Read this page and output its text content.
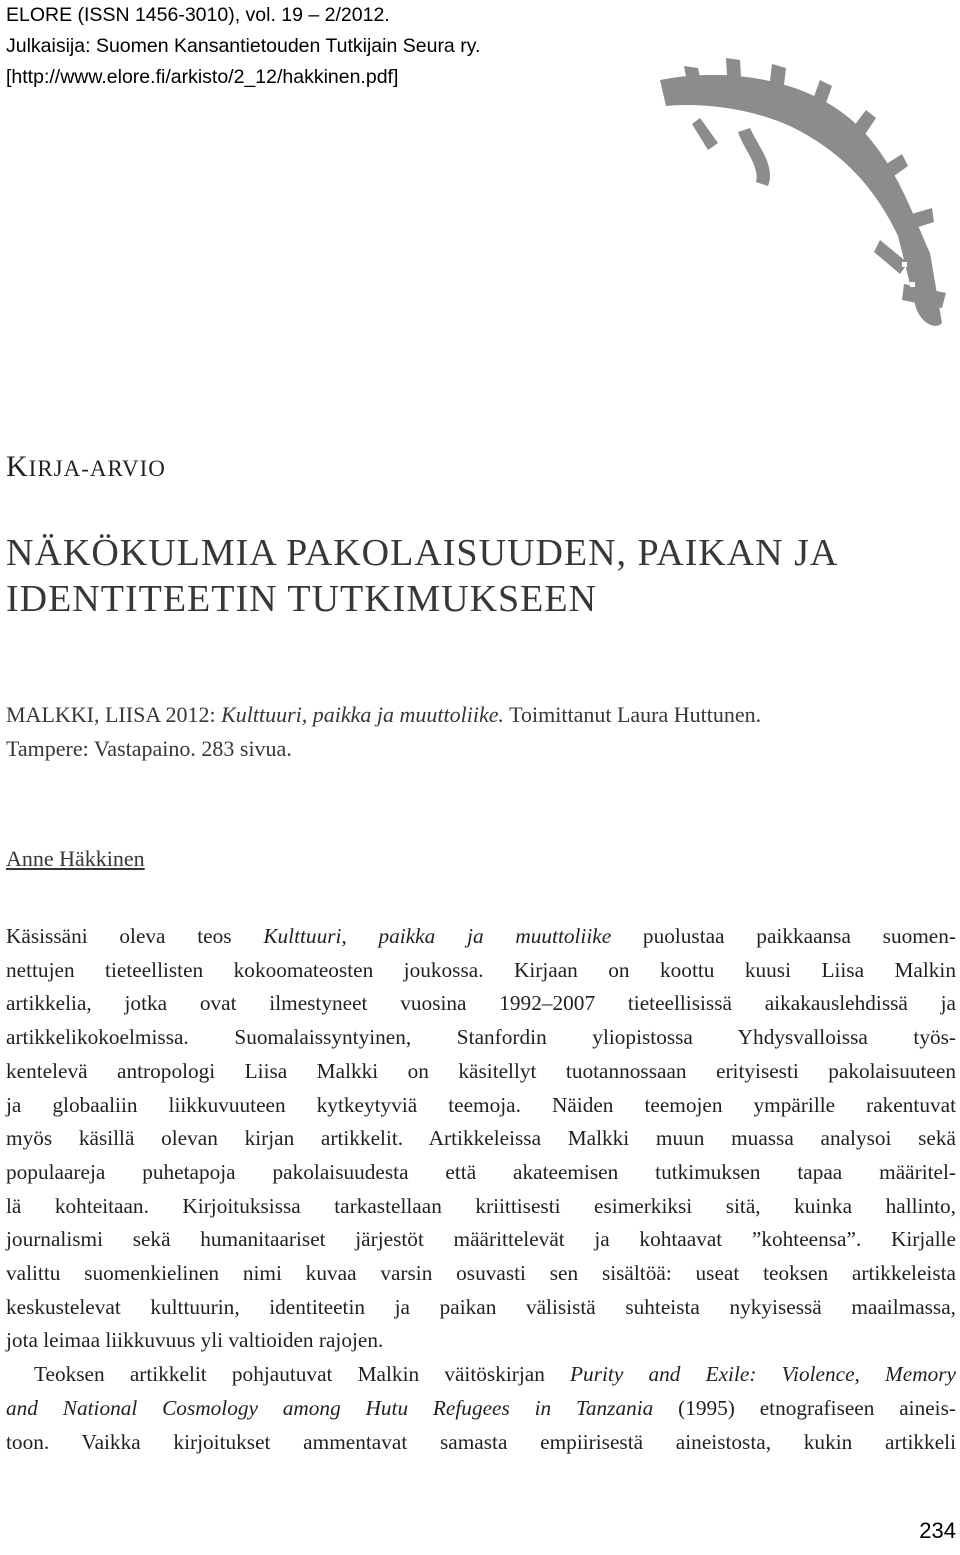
ELORE (ISSN 1456-3010), vol. 19 – 2/2012.
Julkaisija: Suomen Kansantietouden Tutkijain Seura ry.
[http://www.elore.fi/arkisto/2_12/hakkinen.pdf]
KIRJA-ARVIO
NÄKÖKULMIA PAKOLAISUUDEN, PAIKAN JA
IDENTITEETIN TUTKIMUKSEEN
MALKKI, LIISA 2012: Kulttuuri, paikka ja muuttoliike. Toimittanut Laura Huttunen.
Tampere: Vastapaino. 283 sivua.
Anne Häkkinen
Käsissäni oleva teos Kulttuuri, paikka ja muuttoliike puolustaa paikkaansa suomen-
nettujen tieteellisten kokoomateosten joukossa. Kirjaan on koottu kuusi Liisa Malkin
artikkelia, jotka ovat ilmestyneet vuosina 1992–2007 tieteellisissä aikakauslehdissä ja
artikkelikokoelmissa. Suomalaissyntyinen, Stanfordin yliopistossa Yhdysvalloissa työs-
kentelevä antropologi Liisa Malkki on käsitellyt tuotannossaan erityisesti pakolaisuuteen
ja globaaliin liikkuvuuteen kytkeytyviä teemoja. Näiden teemojen ympärille rakentuvat
myös käsillä olevan kirjan artikkelit. Artikkeleissa Malkki muun muassa analysoi sekä
populaareja puhetapoja pakolaisuudesta että akateemisen tutkimuksen tapaa määritel-
lä kohteitaan. Kirjoituksissa tarkastellaan kriittisesti esimerkiksi sitä, kuinka hallinto,
journalismi sekä humanitaariset järjestöt määrittelevät ja kohtaavat ”kohteensa”. Kirjalle
valittu suomenkielinen nimi kuvaa varsin osuvasti sen sisältöä: useat teoksen artikkeleista
keskustelevat kulttuurin, identiteetin ja paikan välisistä suhteista nykyisessä maailmassa,
jota leimaa liikkuvuus yli valtioiden rajojen.
Teoksen artikkelit pohjautuvat Malkin väitöskirjan Purity and Exile: Violence, Memory
and National Cosmology among Hutu Refugees in Tanzania (1995) etnografiseen aineis-
toon. Vaikka kirjoitukset ammentavat samasta empiirisestä aineistosta, kukin artikkeli
234
